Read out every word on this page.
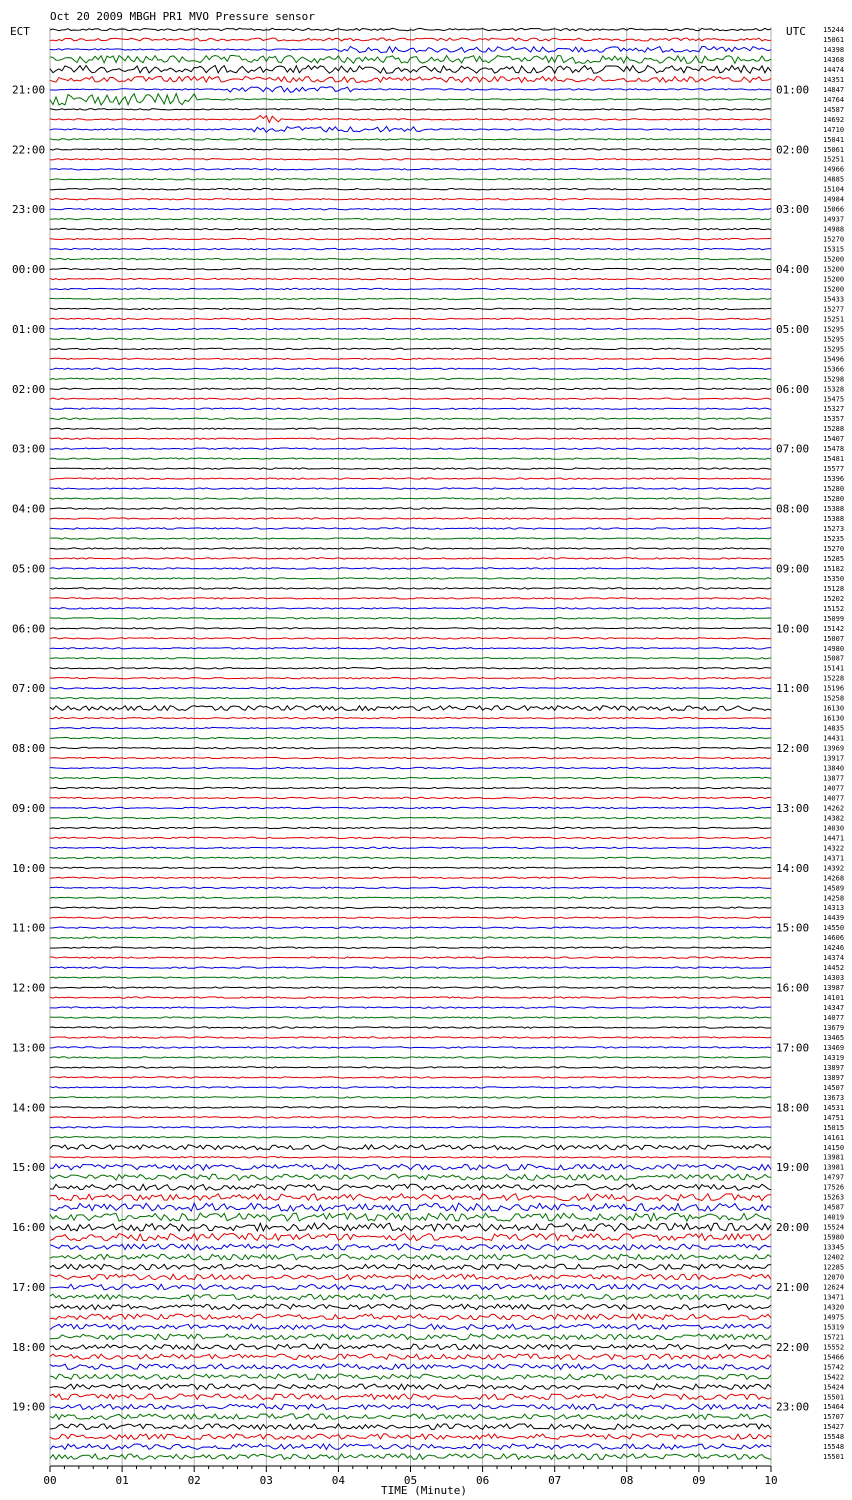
Oct 20 2009 MBGH PR1 MVO Pressure sensor
ECT	UTC
21:00
22:00
23:00
00:00
01:00
02:00
03:00
04:00
05:00
06:00
07:00
08:00
09:00
10:00
11:00
12:00
13:00
14:00
15:00
16:00
17:00
18:00
19:00
01:00
02:00
03:00
04:00
05:00
06:00
07:00
08:00
09:00
10:00
11:00
12:00
13:00
14:00
15:00
16:00
17:00
18:00
19:00
20:00
21:00
22:00
23:00
15244
15061
14398
14368
14474
14351
14847
14764
14587
14692
14710
15041
15061
15251
14966
14885
15104
14984
15066
14937
14988
15270
15315
15200
15200
15200
15200
15433
15277
15251
15295
15295
15295
15496
15366
15298
15328
15475
15327
15357
15288
15407
15478
15481
15577
15396
15280
15280
15388
15388
15273
15235
15270
15285
15182
15350
15128
15202
15152
15099
15142
15007
14980
15087
15141
15228
15196
15258
16130
16130
14835
14431
13969
13917
13840
13877
14077
14077
14262
14382
14030
14471
14322
14371
14392
14268
14589
14258
14313
14439
14550
14606
14246
14374
14452
14303
13987
14101
14347
14077
13679
13465
13469
14319
13897
13897
14507
13673
14531
14751
15015
14161
14150
13981
13981
14797
17526
15263
14587
14019
15524
15980
13345
12402
12285
12070
12624
13471
14320
14975
15319
15721
15552
15466
15742
15422
15424
15501
15464
15707
15427
15548
15548
15501
00	01	02	03	04	05	06	07	08	09	10
TIME (Minute)
